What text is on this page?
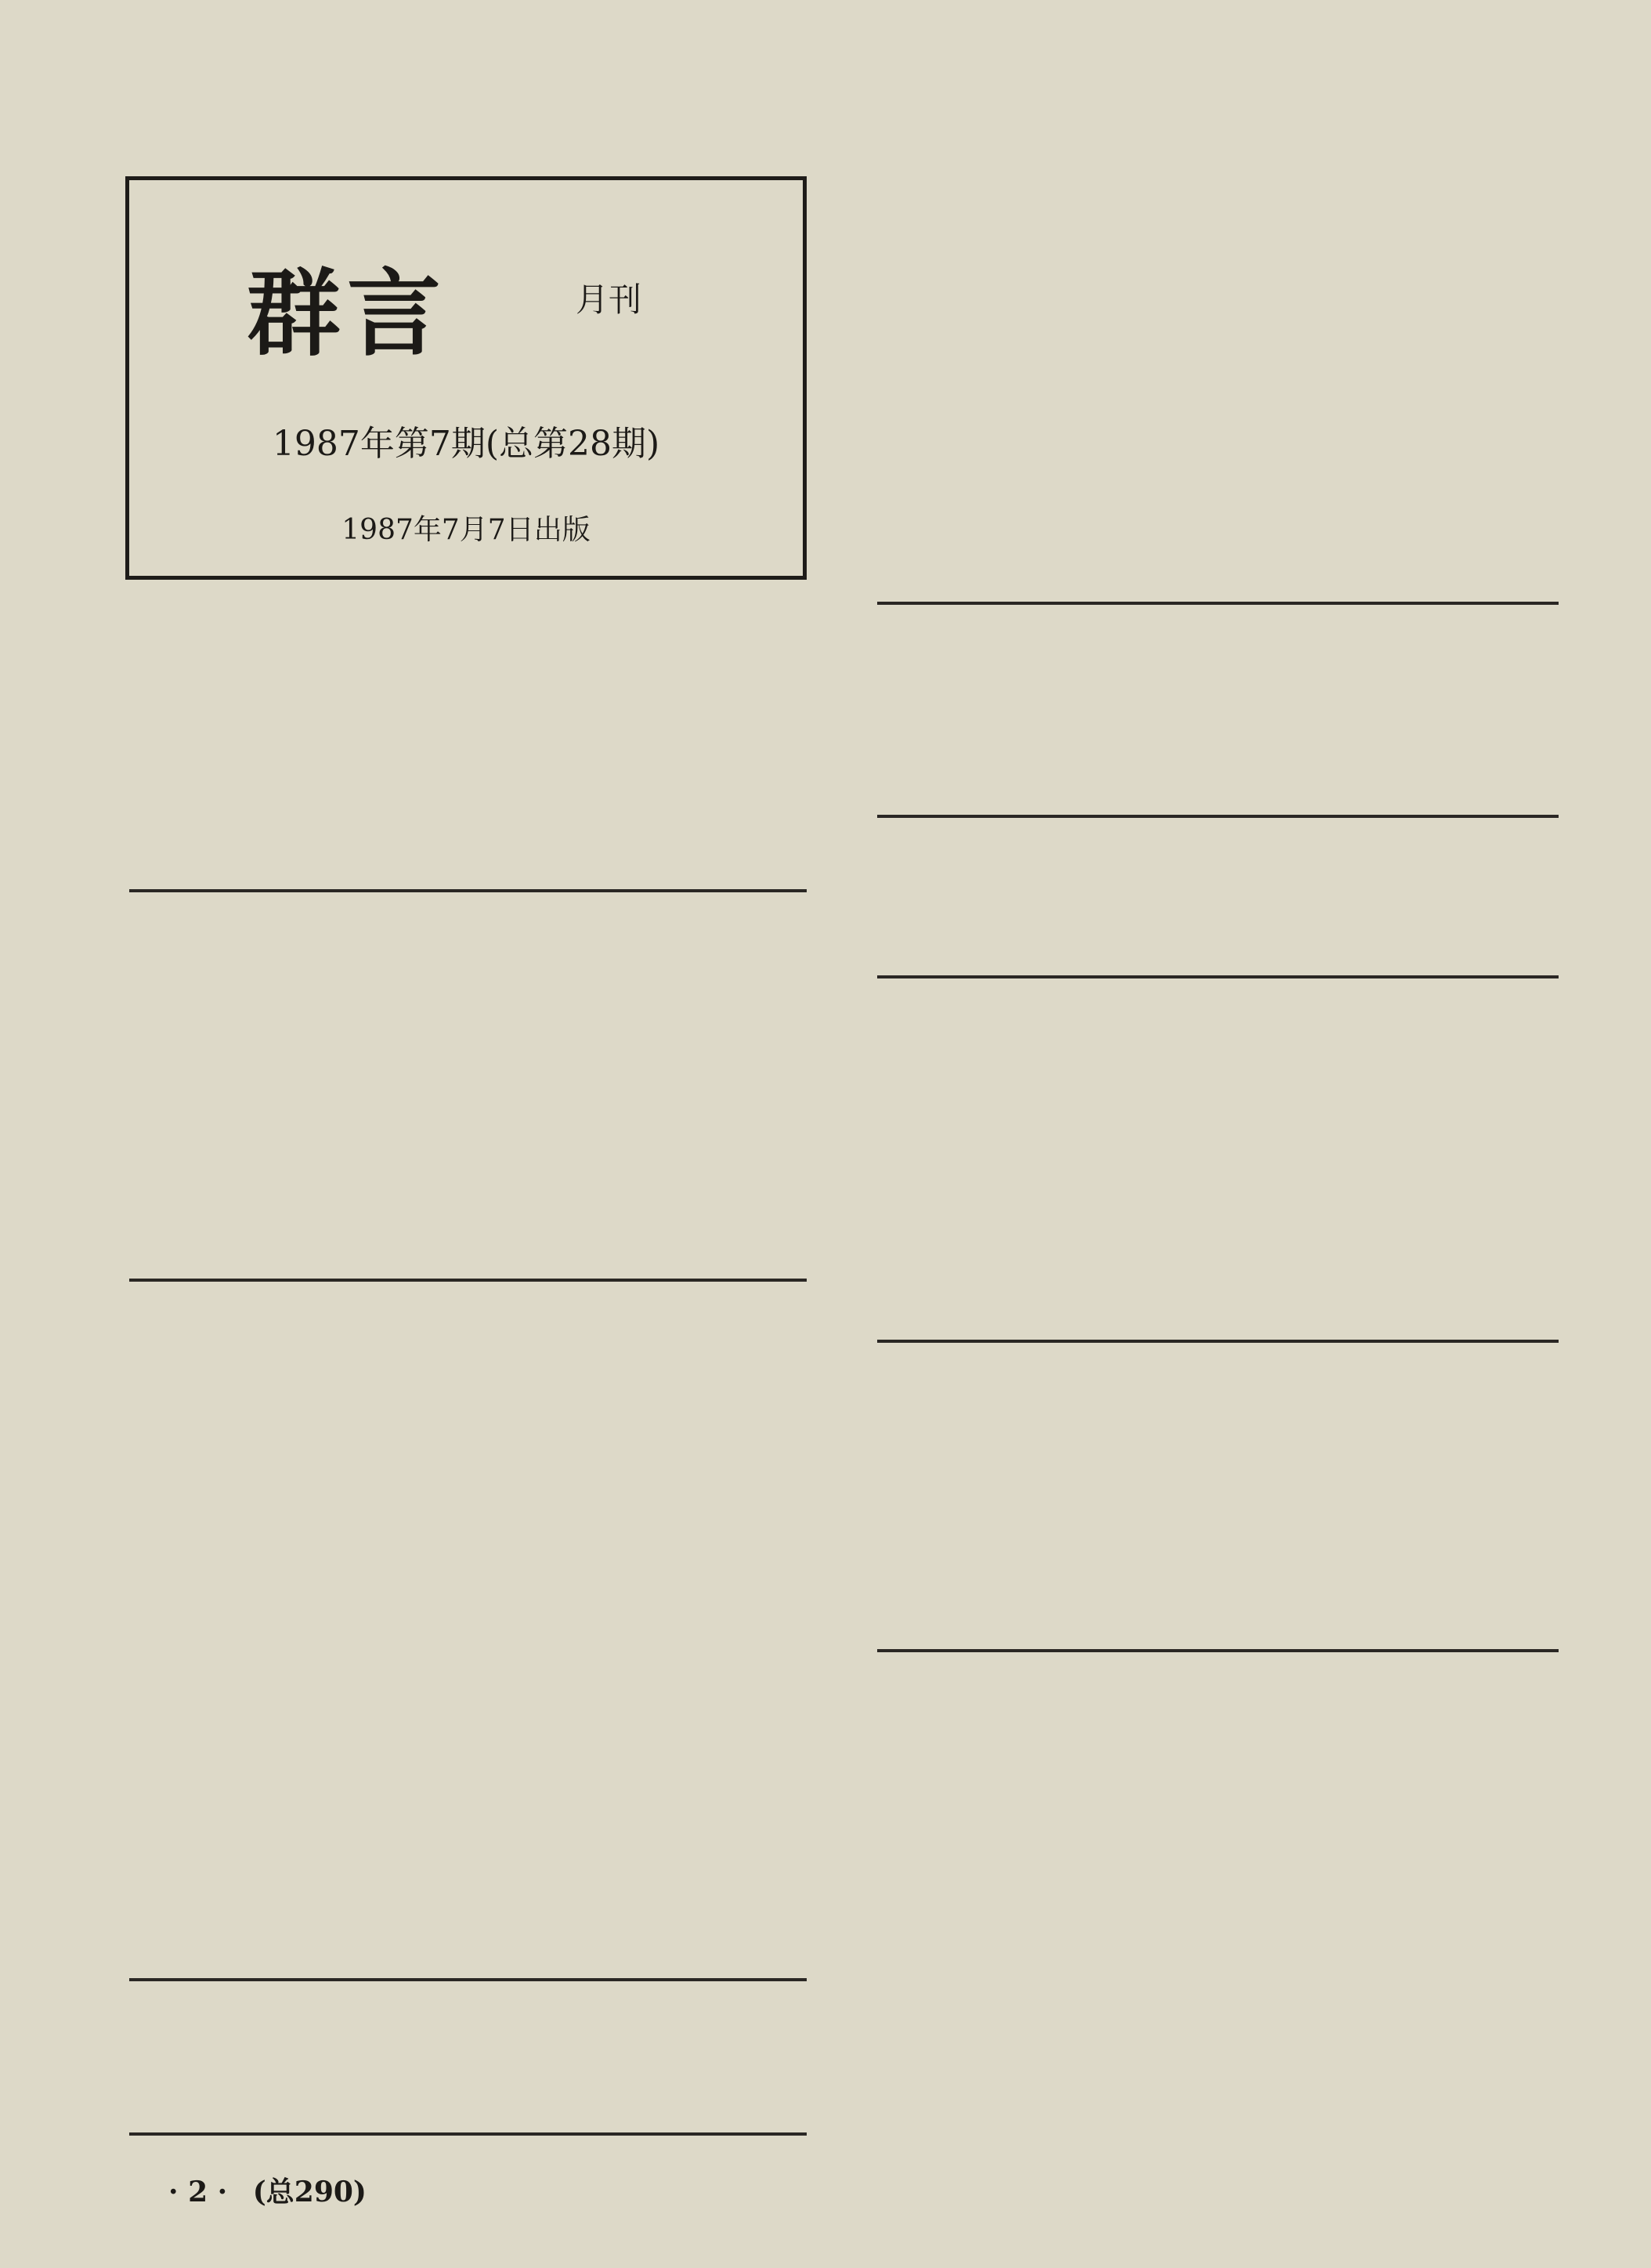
群言	月刊
1987年第7期(总第28期)
1987年7月7日出版
· 2 · (总290)
